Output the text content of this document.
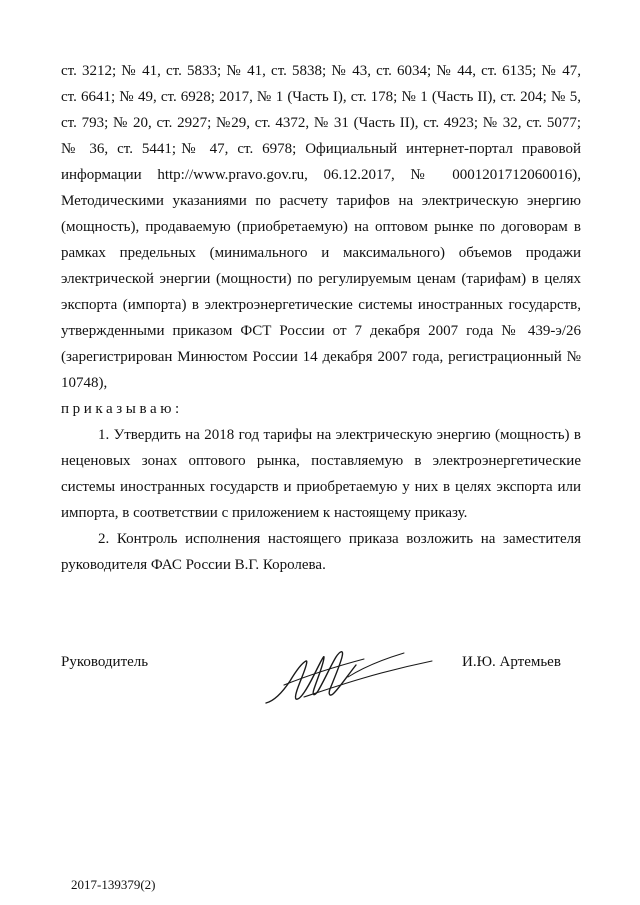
ст. 3212; № 41, ст. 5833; № 41, ст. 5838; № 43, ст. 6034; № 44, ст. 6135; № 47,

ст. 6641; № 49, ст. 6928; 2017, № 1 (Часть I), ст. 178; № 1 (Часть II), ст. 204; № 5,

ст. 793; № 20, ст. 2927; №29, ст. 4372, № 31 (Часть II), ст. 4923; № 32, ст. 5077;

№ 36, ст. 5441;№ 47, ст. 6978; Официальный интернет-портал правовой

информации http://www.pravo.gov.ru, 06.12.2017, № 0001201712060016),

Методическими указаниями по расчету тарифов на электрическую энергию

(мощность), продаваемую (приобретаемую) на оптовом рынке по договорам в

рамках предельных (минимального и максимального) объемов продажи

электрической энергии (мощности) по регулируемым ценам (тарифам) в целях

экспорта (импорта) в электроэнергетические системы иностранных государств,

утвержденными приказом ФСТ России от 7 декабря 2007 года № 439-э/26

(зарегистрирован Минюстом России 14 декабря 2007 года, регистрационный №

10748),

приказываю:

1. Утвердить на 2018 год тарифы на электрическую энергию (мощность) в

неценовых зонах оптового рынка, поставляемую в электроэнергетические

системы иностранных государств и приобретаемую у них в целях экспорта или

импорта, в соответствии с приложением к настоящему приказу.

2. Контроль исполнения настоящего приказа возложить на заместителя

руководителя ФАС России В.Г. Королева.

Руководитель	И.Ю. Артемьев
2017-139379(2)
